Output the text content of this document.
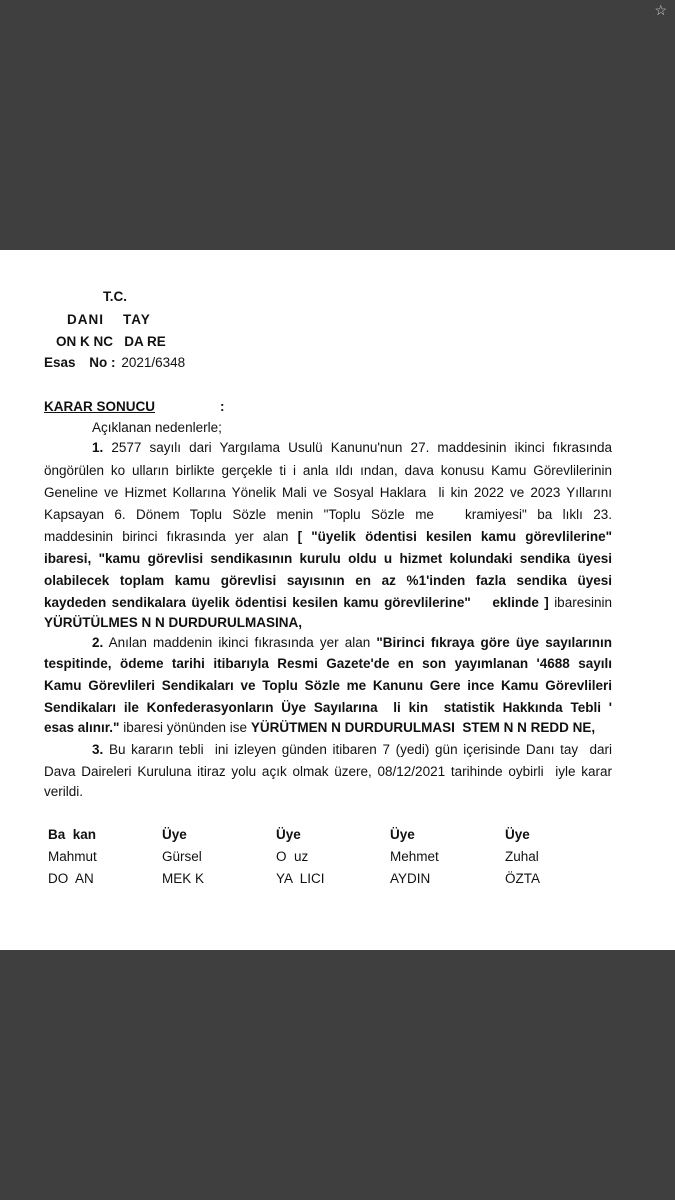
☆
T.C.
DANI    TAY
ON K NC   DA RE
Esas No : 2021/6348
KARAR SONUCU	:
Açıklanan nedenlerle;
1. 2577 sayılı dari Yargılama Usulü Kanunu'nun 27. maddesinin ikinci fıkrasında
öngörülen ko ulların birlikte gerçekle ti i anla ıldı ından, dava konusu Kamu Görevlilerinin
Geneline ve Hizmet Kollarına Yönelik Mali ve Sosyal Haklara  li kin 2022 ve 2023 Yıllarını
Kapsayan 6. Dönem Toplu Sözle menin "Toplu Sözle me   kramiyesi" ba lıklı 23.
maddesinin birinci fıkrasında yer alan [ "üyelik ödentisi kesilen kamu görevlilerine"
ibaresi, "kamu görevlisi sendikasının kurulu oldu u hizmet kolundaki sendika üyesi
olabilecek toplam kamu görevlisi sayısının en az %1'inden fazla sendika üyesi
kaydeden sendikalara üyelik ödentisi kesilen kamu görevlilerine"    eklinde ] ibaresinin
YÜRÜTÜLMES N N DURDURULMASINA,
2. Anılan maddenin ikinci fıkrasında yer alan "Birinci fıkraya göre üye sayılarının
tespitinde, ödeme tarihi itibarıyla Resmi Gazete'de en son yayımlanan '4688 sayılı
Kamu Görevlileri Sendikaları ve Toplu Sözle me Kanunu Gere ince Kamu Görevlileri
Sendikaları ile Konfederasyonların Üye Sayılarına  li kin  statistik Hakkında Tebli '
esas alınır." ibaresi yönünden ise YÜRÜTMEN N DURDURULMASI  STEM N N REDD NE,
3. Bu kararın tebli  ini izleyen günden itibaren 7 (yedi) gün içerisinde Danı tay  dari
Dava Daireleri Kuruluna itiraz yolu açık olmak üzere, 08/12/2021 tarihinde oybirli  iyle karar
verildi.
Ba  kan
Mahmut
DO  AN
Üye
Gürsel
MEK K
Üye
O  uz
YA  LICI
Üye
Mehmet
AYDIN
Üye
Zuhal
ÖZTA
